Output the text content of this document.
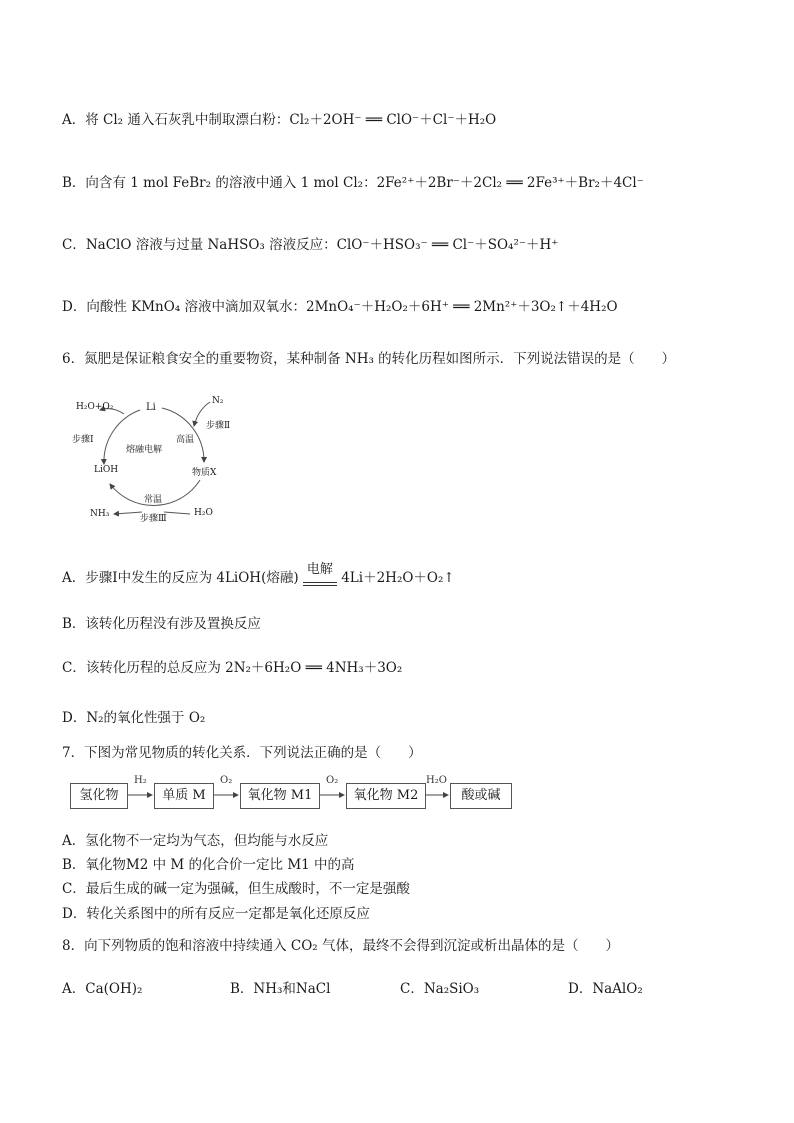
A．将 Cl₂ 通入石灰乳中制取漂白粉：Cl₂＋2OH⁻ ══ ClO⁻＋Cl⁻＋H₂O
B．向含有 1 mol FeBr₂ 的溶液中通入 1 mol Cl₂：2Fe²⁺＋2Br⁻＋2Cl₂ ══ 2Fe³⁺＋Br₂＋4Cl⁻
C．NaClO 溶液与过量 NaHSO₃ 溶液反应：ClO⁻＋HSO₃⁻ ══ Cl⁻＋SO₄²⁻＋H⁺
D．向酸性 KMnO₄ 溶液中滴加双氧水：2MnO₄⁻＋H₂O₂＋6H⁺ ══ 2Mn²⁺＋3O₂↑＋4H₂O
6．氮肥是保证粮食安全的重要物资，某种制备 NH₃ 的转化历程如图所示．下列说法错误的是（　　）
H₂O+O₂	Li
N₂
步骤Ⅰ
步骤Ⅱ
熔融电解
高温
LiOH	物质X
常温
NH₃	步骤Ⅲ
H₂O
A．步骤Ⅰ中发生的反应为 4LiOH(熔融)
电解
4Li＋2H₂O＋O₂↑
B．该转化历程没有涉及置换反应
C．该转化历程的总反应为 2N₂＋6H₂O ══ 4NH₃＋3O₂
D．N₂的氧化性强于 O₂
7．下图为常见物质的转化关系．下列说法正确的是（　　）
氢化物
H₂
单质 M
O₂
氧化物 M1
O₂
氧化物 M2
H₂O
酸或碱
A．氢化物不一定均为气态，但均能与水反应
B．氧化物M2 中 M 的化合价一定比 M1 中的高
C．最后生成的碱一定为强碱，但生成酸时，不一定是强酸
D．转化关系图中的所有反应一定都是氧化还原反应
8．向下列物质的饱和溶液中持续通入 CO₂ 气体，最终不会得到沉淀或析出晶体的是（　　）
A．Ca(OH)₂	B．NH₃和NaCl	C．Na₂SiO₃	D．NaAlO₂
